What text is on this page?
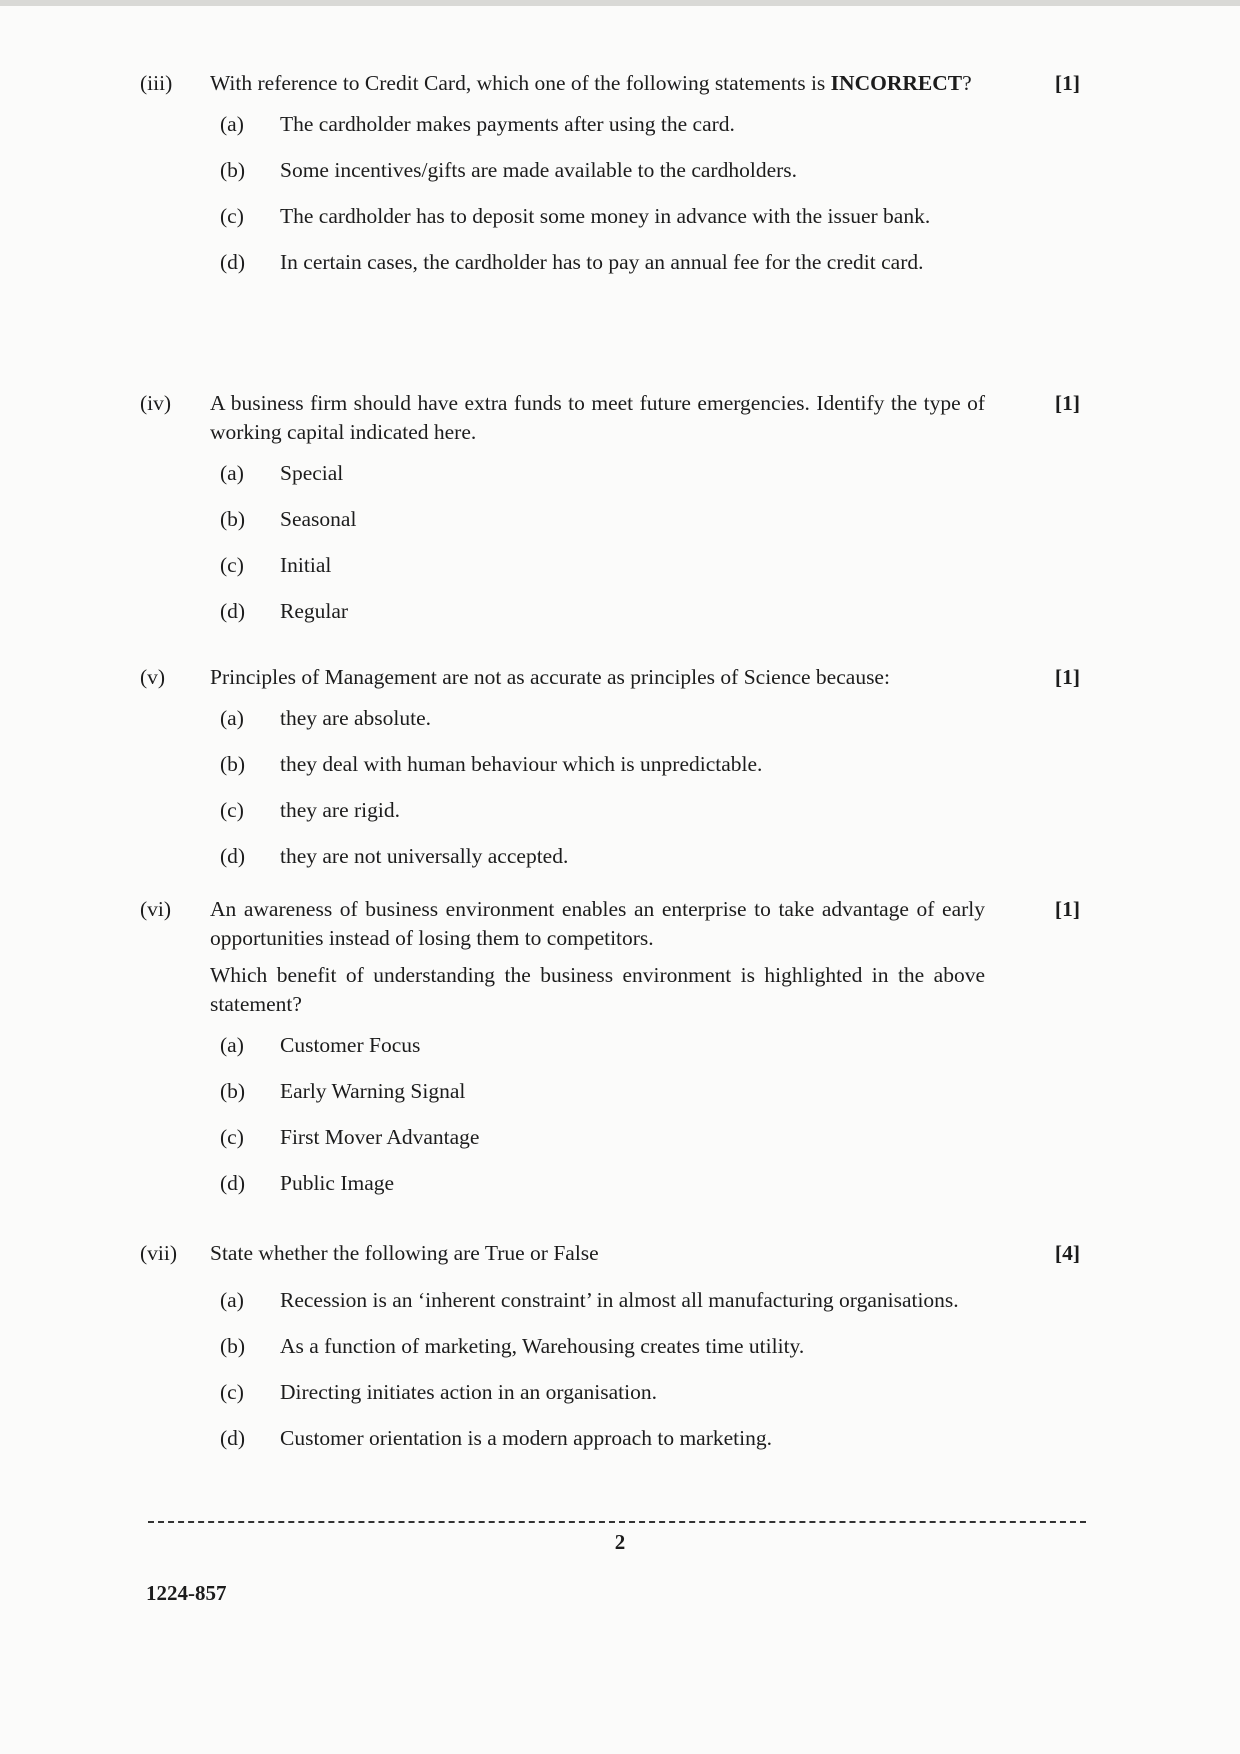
(iii)	With reference to Credit Card, which one of the following statements is INCORRECT?	[1]
(a)	The cardholder makes payments after using the card.
(b)	Some incentives/gifts are made available to the cardholders.
(c)	The cardholder has to deposit some money in advance with the issuer bank.
(d)	In certain cases, the cardholder has to pay an annual fee for the credit card.
(iv)	A business firm should have extra funds to meet future emergencies. Identify the type of working capital indicated here.
[1]
(a)	Special
(b)	Seasonal
(c)	Initial
(d)	Regular
(v)	Principles of Management are not as accurate as principles of Science because:	[1]
(a)	they are absolute.
(b)	they deal with human behaviour which is unpredictable.
(c)	they are rigid.
(d)	they are not universally accepted.
(vi)	An awareness of business environment enables an enterprise to take advantage of early opportunities instead of losing them to competitors.
Which benefit of understanding the business environment is highlighted in the above statement?
[1]
(a)	Customer Focus
(b)	Early Warning Signal
(c)	First Mover Advantage
(d)	Public Image
(vii)	State whether the following are True or False	[4]
(a)	Recession is an ‘inherent constraint’ in almost all manufacturing organisations.
(b)	As a function of marketing, Warehousing creates time utility.
(c)	Directing initiates action in an organisation.
(d)	Customer orientation is a modern approach to marketing.
2
1224-857
